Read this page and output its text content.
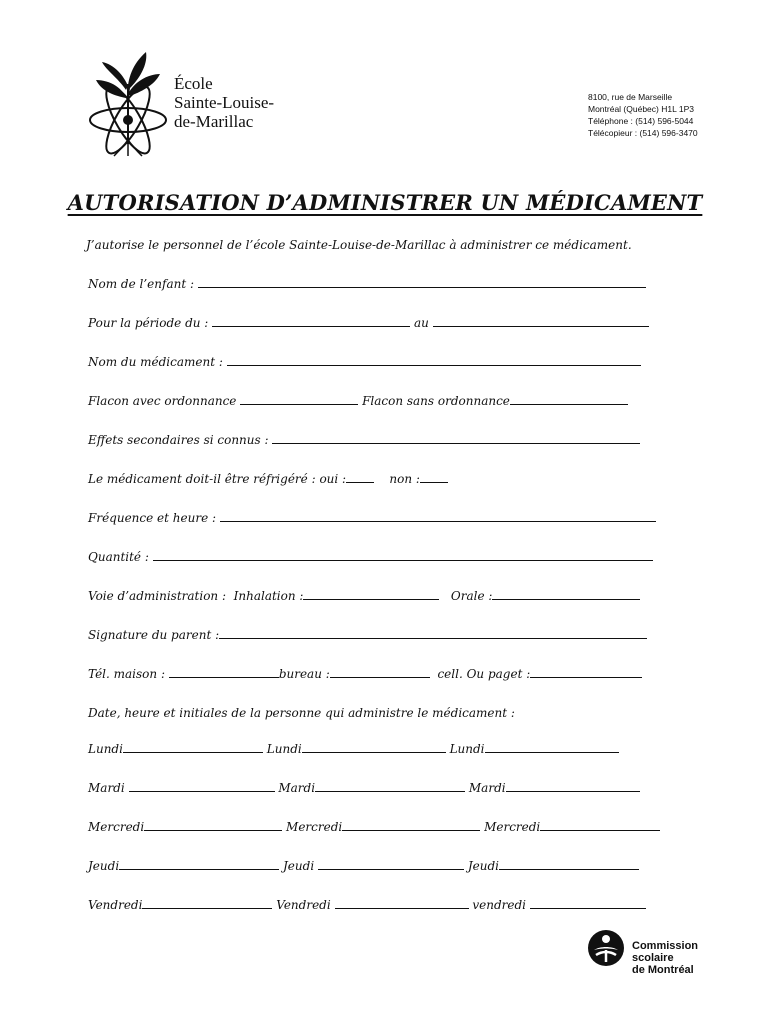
École
Sainte-Louise-
de-Marillac
8100, rue de Marseille
Montréal (Québec) H1L 1P3
Téléphone : (514) 596-5044
Télécopieur : (514) 596-3470
AUTORISATION D’ADMINISTRER UN MÉDICAMENT
J’autorise le personnel de l’école Sainte-Louise-de-Marillac à administrer ce médicament.
Nom de l’enfant :
Pour la période du :	au
Nom du médicament :
Flacon avec ordonnance	Flacon sans ordonnance
Effets secondaires si connus :
Le médicament doit-il être réfrigéré : oui :	non :
Fréquence et heure :
Quantité :
Voie d’administration : Inhalation :	Orale :
Signature du parent :
Tél. maison :	bureau :	cell. Ou paget :
Date, heure et initiales de la personne qui administre le médicament :
Lundi	Lundi	Lundi
Mardi	Mardi	Mardi
Mercredi	Mercredi	Mercredi
Jeudi	Jeudi	Jeudi
Vendredi	Vendredi	vendredi
Commission
scolaire
de Montréal
